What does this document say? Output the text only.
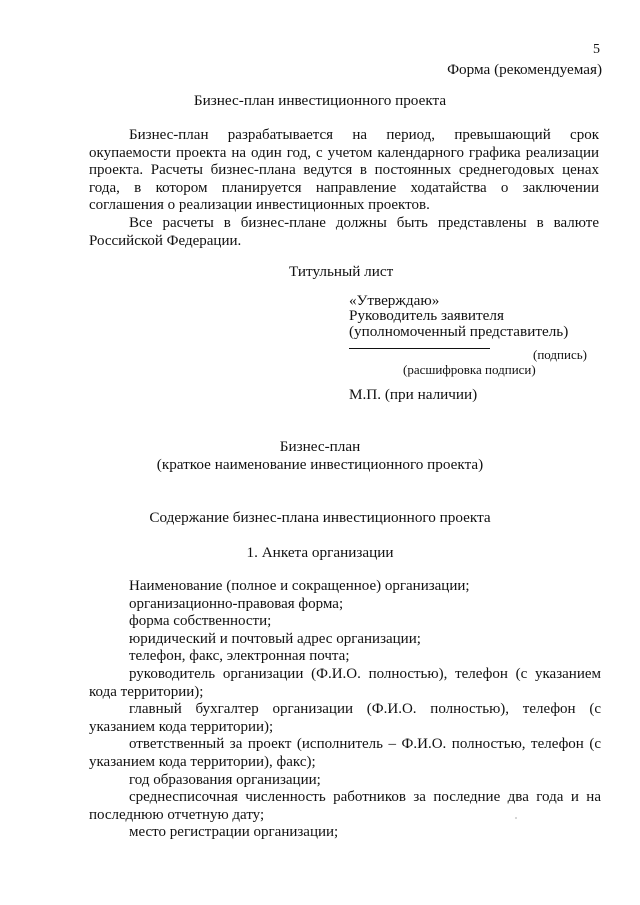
5
Форма (рекомендуемая)
Бизнес-план инвестиционного проекта
Бизнес-план разрабатывается на период, превышающий срок окупаемости проекта на один год, с учетом календарного графика реализации проекта. Расчеты бизнес-плана ведутся в постоянных среднегодовых ценах года, в котором планируется направление ходатайства о заключении соглашения о реализации инвестиционных проектов.
Все расчеты в бизнес-плане должны быть представлены в валюте Российской Федерации.
Титульный лист
«Утверждаю»
Руководитель заявителя
(уполномоченный представитель)
(подпись)
(расшифровка подписи)
М.П. (при наличии)
Бизнес-план
(краткое наименование инвестиционного проекта)
Содержание бизнес-плана инвестиционного проекта
1. Анкета организации

Наименование (полное и сокращенное) организации;

организационно-правовая форма;

форма собственности;

юридический и почтовый адрес организации;

телефон, факс, электронная почта;

руководитель организации (Ф.И.О. полностью), телефон (с указанием кода территории);

главный бухгалтер организации (Ф.И.О. полностью), телефон (с указанием кода территории);

ответственный за проект (исполнитель – Ф.И.О. полностью, телефон (с указанием кода территории), факс);

год образования организации;

среднесписочная численность работников за последние два года и на последнюю отчетную дату;

место регистрации организации;
